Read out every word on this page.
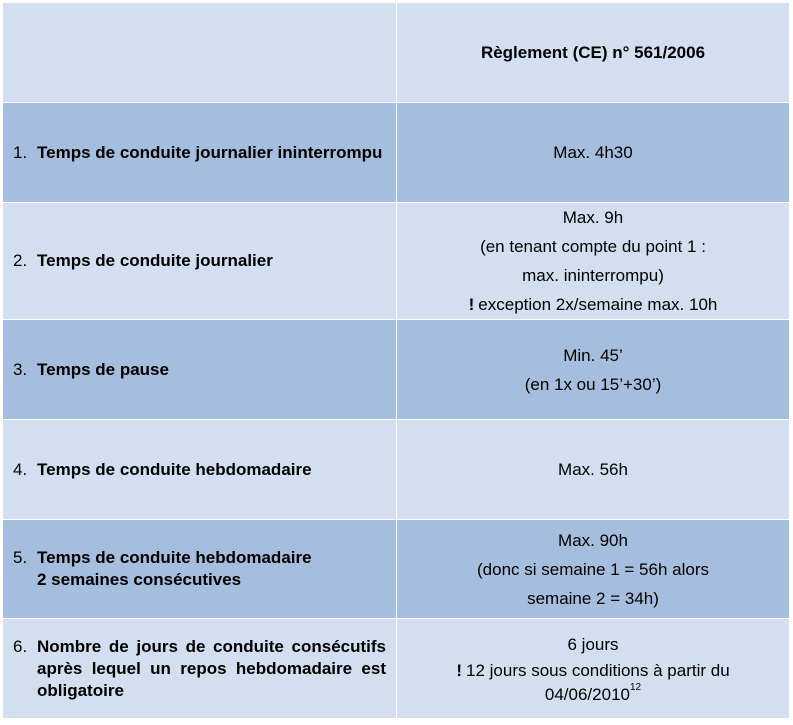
	Règlement (CE) n° 561/2006

1. Temps de conduite journalier ininterrompu	Max. 4h30

2. Temps de conduite journalier	Max. 9h
(en tenant compte du point 1 :
max. ininterrompu)
! exception 2x/semaine max. 10h

3. Temps de pause	Min. 45’
(en 1x ou 15’+30’)

4. Temps de conduite hebdomadaire	Max. 56h

5. Temps de conduite hebdomadaire
2 semaines consécutives	Max. 90h
(donc si semaine 1 = 56h alors
semaine 2 = 34h)

6. Nombre de jours de conduite consécutifs après lequel un repos hebdomadaire est obligatoire	6 jours
! 12 jours sous conditions à partir du
04/06/2010$^{12}$
